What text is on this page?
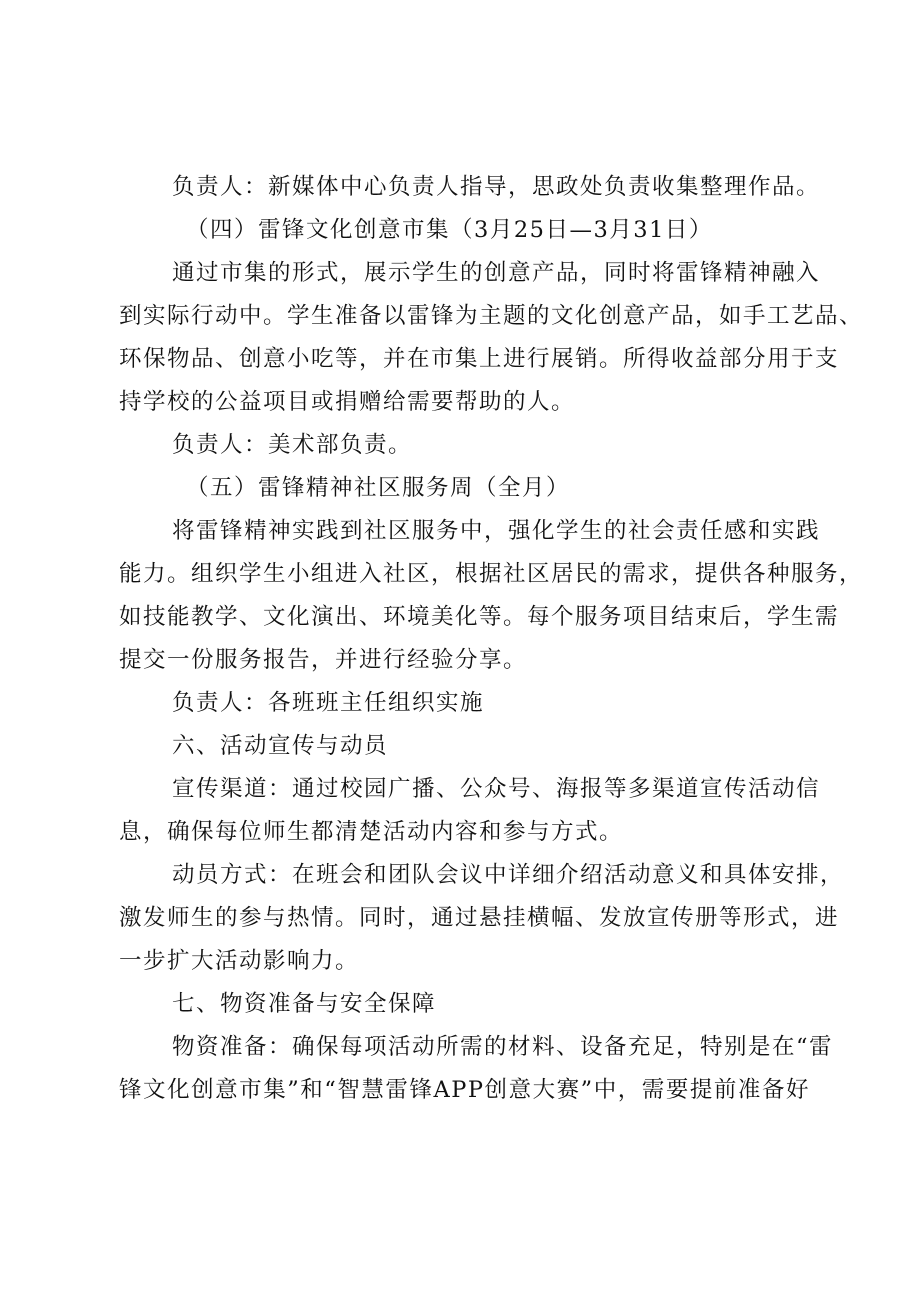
负责人：新媒体中心负责人指导，思政处负责收集整理作品。
（四）雷锋文化创意市集（3月25日—3月31日）
通过市集的形式，展示学生的创意产品，同时将雷锋精神融入
到实际行动中。学生准备以雷锋为主题的文化创意产品，如手工艺品、
环保物品、创意小吃等，并在市集上进行展销。所得收益部分用于支
持学校的公益项目或捐赠给需要帮助的人。
负责人：美术部负责。
（五）雷锋精神社区服务周（全月）
将雷锋精神实践到社区服务中，强化学生的社会责任感和实践
能力。组织学生小组进入社区，根据社区居民的需求，提供各种服务，
如技能教学、文化演出、环境美化等。每个服务项目结束后，学生需
提交一份服务报告，并进行经验分享。
负责人：各班班主任组织实施
六、活动宣传与动员
宣传渠道：通过校园广播、公众号、海报等多渠道宣传活动信
息，确保每位师生都清楚活动内容和参与方式。
动员方式：在班会和团队会议中详细介绍活动意义和具体安排，
激发师生的参与热情。同时，通过悬挂横幅、发放宣传册等形式，进
一步扩大活动影响力。
七、物资准备与安全保障
物资准备：确保每项活动所需的材料、设备充足，特别是在“雷
锋文化创意市集”和“智慧雷锋APP创意大赛”中，需要提前准备好
